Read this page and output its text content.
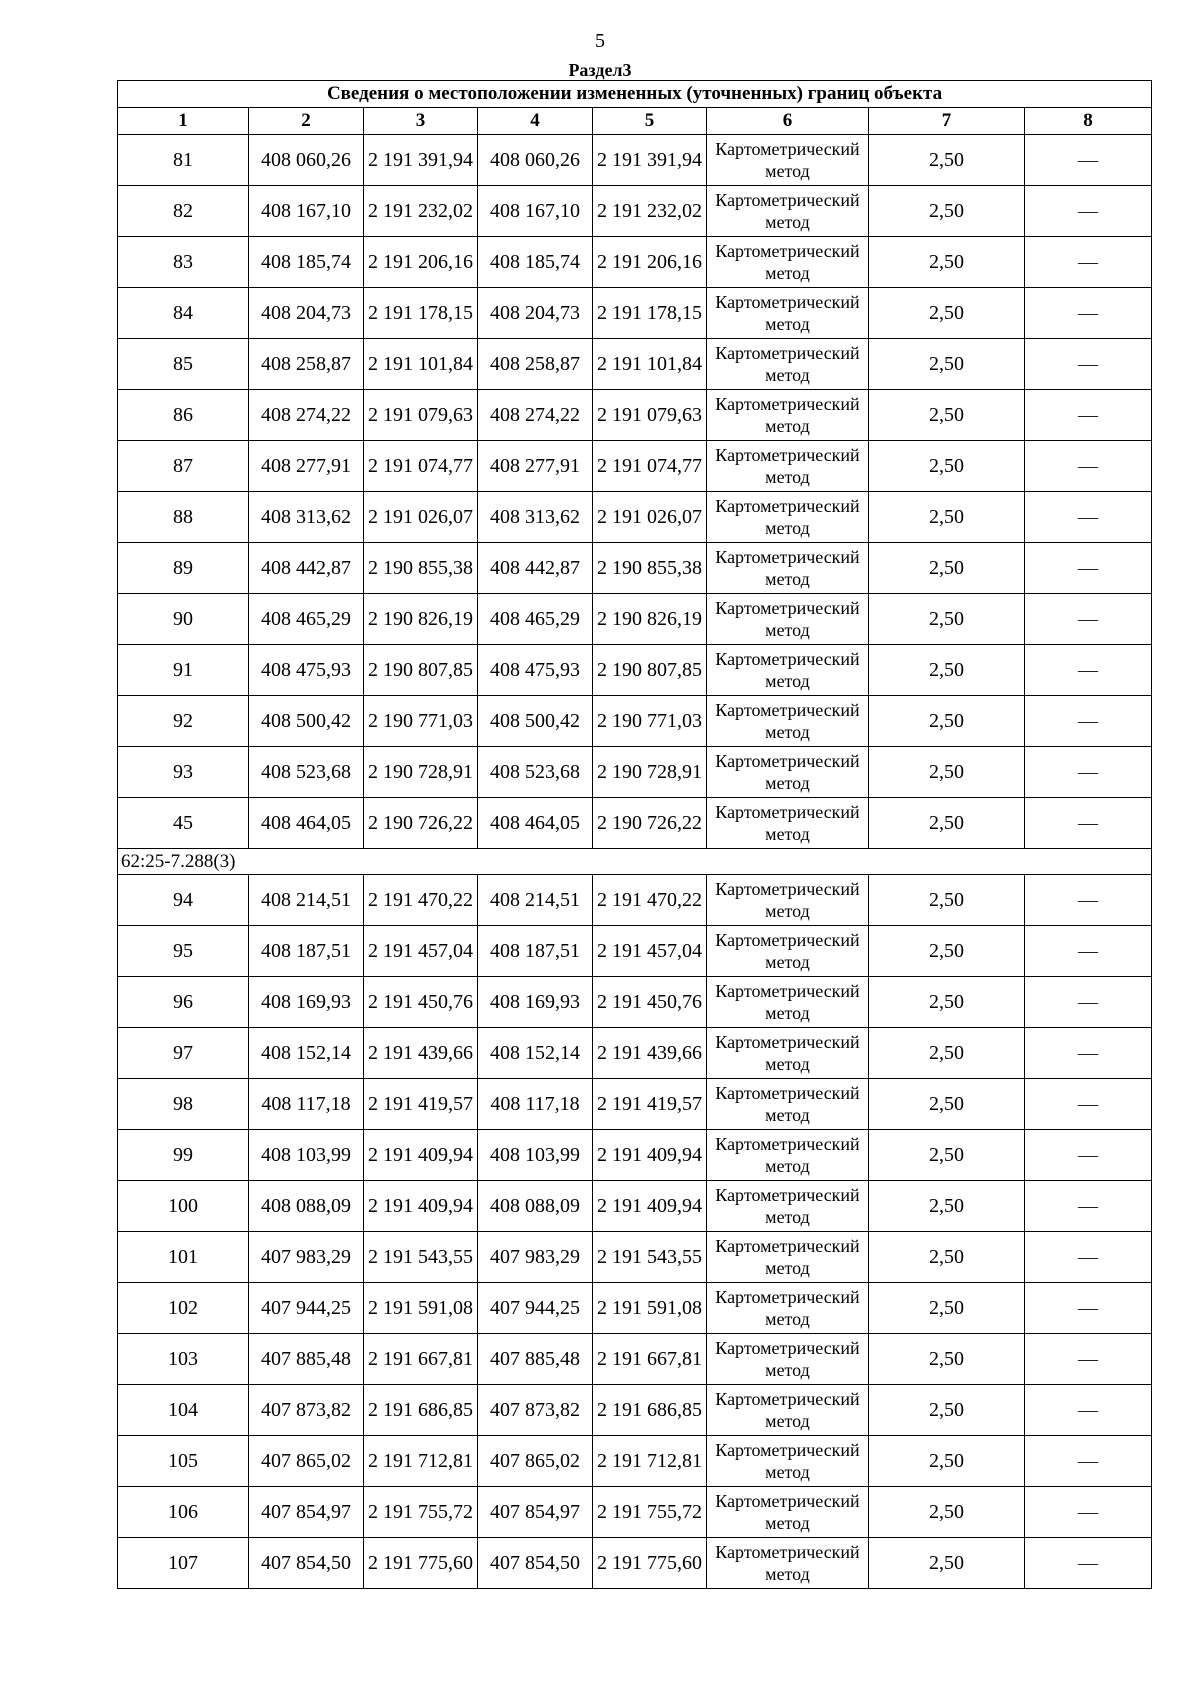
5
Раздел3
Сведения о местоположении измененных (уточненных) границ объекта							
1	2	3	4	5	6	7	8
81	408 060,26	2 191 391,94	408 060,26	2 191 391,94	Картометрический метод	2,50	—
82	408 167,10	2 191 232,02	408 167,10	2 191 232,02	Картометрический метод	2,50	—
83	408 185,74	2 191 206,16	408 185,74	2 191 206,16	Картометрический метод	2,50	—
84	408 204,73	2 191 178,15	408 204,73	2 191 178,15	Картометрический метод	2,50	—
85	408 258,87	2 191 101,84	408 258,87	2 191 101,84	Картометрический метод	2,50	—
86	408 274,22	2 191 079,63	408 274,22	2 191 079,63	Картометрический метод	2,50	—
87	408 277,91	2 191 074,77	408 277,91	2 191 074,77	Картометрический метод	2,50	—
88	408 313,62	2 191 026,07	408 313,62	2 191 026,07	Картометрический метод	2,50	—
89	408 442,87	2 190 855,38	408 442,87	2 190 855,38	Картометрический метод	2,50	—
90	408 465,29	2 190 826,19	408 465,29	2 190 826,19	Картометрический метод	2,50	—
91	408 475,93	2 190 807,85	408 475,93	2 190 807,85	Картометрический метод	2,50	—
92	408 500,42	2 190 771,03	408 500,42	2 190 771,03	Картометрический метод	2,50	—
93	408 523,68	2 190 728,91	408 523,68	2 190 728,91	Картометрический метод	2,50	—
45	408 464,05	2 190 726,22	408 464,05	2 190 726,22	Картометрический метод	2,50	—
62:25-7.288(3)							
94	408 214,51	2 191 470,22	408 214,51	2 191 470,22	Картометрический метод	2,50	—
95	408 187,51	2 191 457,04	408 187,51	2 191 457,04	Картометрический метод	2,50	—
96	408 169,93	2 191 450,76	408 169,93	2 191 450,76	Картометрический метод	2,50	—
97	408 152,14	2 191 439,66	408 152,14	2 191 439,66	Картометрический метод	2,50	—
98	408 117,18	2 191 419,57	408 117,18	2 191 419,57	Картометрический метод	2,50	—
99	408 103,99	2 191 409,94	408 103,99	2 191 409,94	Картометрический метод	2,50	—
100	408 088,09	2 191 409,94	408 088,09	2 191 409,94	Картометрический метод	2,50	—
101	407 983,29	2 191 543,55	407 983,29	2 191 543,55	Картометрический метод	2,50	—
102	407 944,25	2 191 591,08	407 944,25	2 191 591,08	Картометрический метод	2,50	—
103	407 885,48	2 191 667,81	407 885,48	2 191 667,81	Картометрический метод	2,50	—
104	407 873,82	2 191 686,85	407 873,82	2 191 686,85	Картометрический метод	2,50	—
105	407 865,02	2 191 712,81	407 865,02	2 191 712,81	Картометрический метод	2,50	—
106	407 854,97	2 191 755,72	407 854,97	2 191 755,72	Картометрический метод	2,50	—
107	407 854,50	2 191 775,60	407 854,50	2 191 775,60	Картометрический метод	2,50	—
